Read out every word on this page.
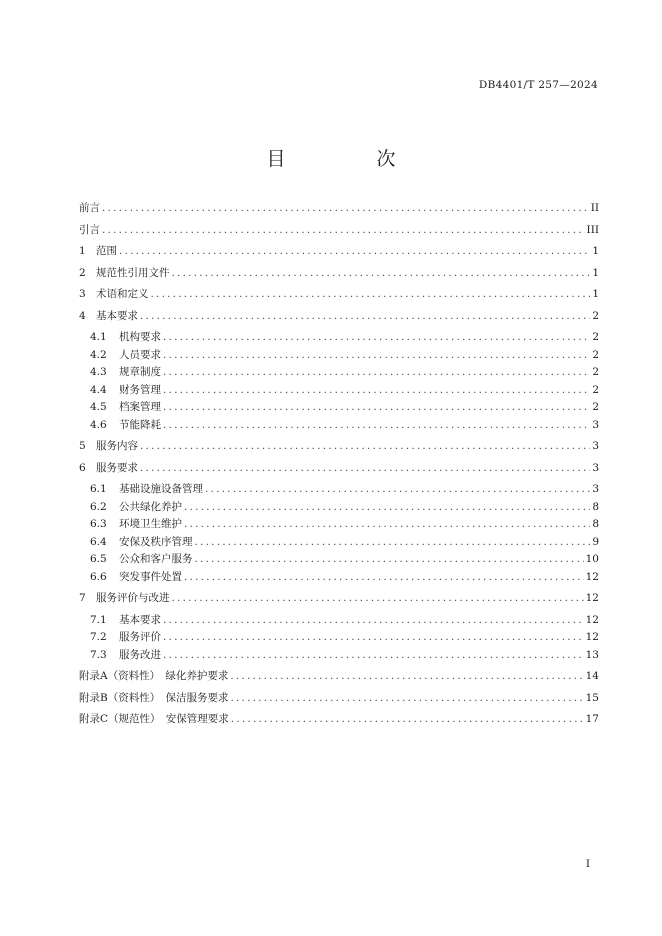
DB4401/T 257—2024
目　次
前言 .....	II
引言 .....	III
1 范围 .....	1
2 规范性引用文件 .....	1
3 术语和定义 .....	1
4 基本要求 .....	2
4.1 机构要求 .....	2
4.2 人员要求 .....	2
4.3 规章制度 .....	2
4.4 财务管理 .....	2
4.5 档案管理 .....	2
4.6 节能降耗 .....	3
5 服务内容 .....	3
6 服务要求 .....	3
6.1 基础设施设备管理 .....	3
6.2 公共绿化养护 .....	8
6.3 环境卫生维护 .....	8
6.4 安保及秩序管理 .....	9
6.5 公众和客户服务 .....	10
6.6 突发事件处置 .....	12
7 服务评价与改进 .....	12
7.1 基本要求 .....	12
7.2 服务评价 .....	12
7.3 服务改进 .....	13
附录A（资料性）　绿化养护要求 .....	14
附录B（资料性）　保洁服务要求 .....	15
附录C（规范性）　安保管理要求 .....	17
I
